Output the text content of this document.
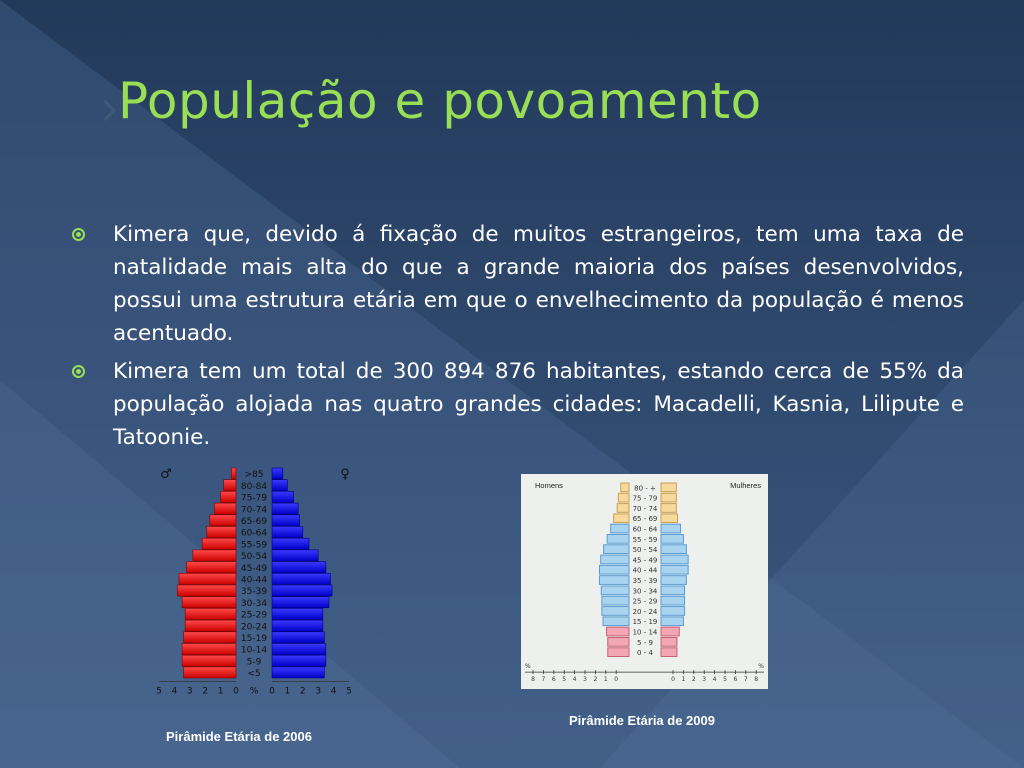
População e povoamento
Kimera que, devido á fixação de muitos estrangeiros, tem uma taxa de natalidade mais alta do que a grande maioria dos países desenvolvidos, possui uma estrutura etária em que o envelhecimento da população é menos acentuado.
Kimera tem um total de 300 894 876 habitantes, estando cerca de 55% da população alojada nas quatro grandes cidades: Macadelli, Kasnia, Lilipute e Tatoonie.
♂	♀
>85
80-84
75-79
70-74
65-69
60-64
55-59
50-54
45-49
40-44
35-39
30-34
25-29
20-24
15-19
10-14
5-9
<5
5 4 3 2 1 0	0 1 2 3 4 5
%
Homens	Mulheres
80 - +
75 - 79
70 - 74
65 - 69
60 - 64
55 - 59
50 - 54
45 - 49
40 - 44
35 - 39
30 - 34
25 - 29
20 - 24
15 - 19
10 - 14
5 - 9
0 - 4
%	%
8 7 6 5 4 3 2 1 0	0 1 2 3 4 5 6 7 8
Pirâmide Etária de 2006
Pirâmide Etária de 2009
